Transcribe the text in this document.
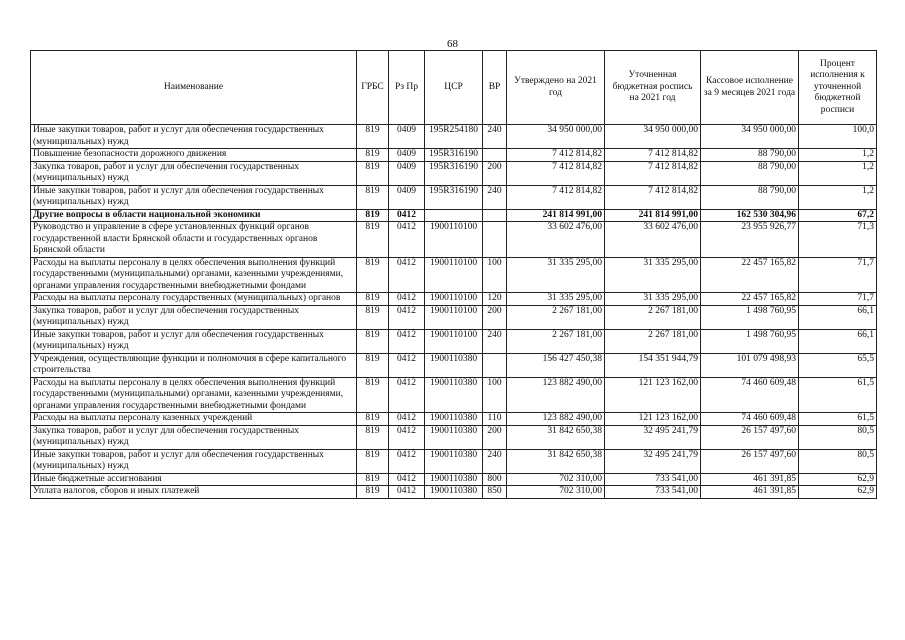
68
Наименование	ГРБС	Рз Пр	ЦСР	ВР	Утверждено на 2021 год	Уточненная бюджетная роспись на 2021 год	Кассовое исполнение за 9 месяцев 2021 года	Процент исполнения к уточненной бюджетной росписи
Иные закупки товаров, работ и услуг для обеспечения государственных (муниципальных) нужд	819	0409	195R254180	240	34 950 000,00	34 950 000,00	34 950 000,00	100,0
Повышение безопасности дорожного движения	819	0409	195R316190		7 412 814,82	7 412 814,82	88 790,00	1,2
Закупка товаров, работ и услуг для обеспечения государственных (муниципальных) нужд	819	0409	195R316190	200	7 412 814,82	7 412 814,82	88 790,00	1,2
Иные закупки товаров, работ и услуг для обеспечения государственных (муниципальных) нужд	819	0409	195R316190	240	7 412 814,82	7 412 814,82	88 790,00	1,2
Другие вопросы в области национальной экономики	819	0412			241 814 991,00	241 814 991,00	162 530 304,96	67,2
Руководство и управление в сфере установленных функций органов государственной власти Брянской области и государственных органов Брянской области	819	0412	1900110100		33 602 476,00	33 602 476,00	23 955 926,77	71,3
Расходы на выплаты персоналу в целях обеспечения выполнения функций государственными (муниципальными) органами, казенными учреждениями, органами управления государственными внебюджетными фондами	819	0412	1900110100	100	31 335 295,00	31 335 295,00	22 457 165,82	71,7
Расходы на выплаты персоналу государственных (муниципальных) органов	819	0412	1900110100	120	31 335 295,00	31 335 295,00	22 457 165,82	71,7
Закупка товаров, работ и услуг для обеспечения государственных (муниципальных) нужд	819	0412	1900110100	200	2 267 181,00	2 267 181,00	1 498 760,95	66,1
Иные закупки товаров, работ и услуг для обеспечения государственных (муниципальных) нужд	819	0412	1900110100	240	2 267 181,00	2 267 181,00	1 498 760,95	66,1
Учреждения, осуществляющие функции и полномочия в сфере капитального строительства	819	0412	1900110380		156 427 450,38	154 351 944,79	101 079 498,93	65,5
Расходы на выплаты персоналу в целях обеспечения выполнения функций государственными (муниципальными) органами, казенными учреждениями, органами управления государственными внебюджетными фондами	819	0412	1900110380	100	123 882 490,00	121 123 162,00	74 460 609,48	61,5
Расходы на выплаты персоналу казенных учреждений	819	0412	1900110380	110	123 882 490,00	121 123 162,00	74 460 609,48	61,5
Закупка товаров, работ и услуг для обеспечения государственных (муниципальных) нужд	819	0412	1900110380	200	31 842 650,38	32 495 241,79	26 157 497,60	80,5
Иные закупки товаров, работ и услуг для обеспечения государственных (муниципальных) нужд	819	0412	1900110380	240	31 842 650,38	32 495 241,79	26 157 497,60	80,5
Иные бюджетные ассигнования	819	0412	1900110380	800	702 310,00	733 541,00	461 391,85	62,9
Уплата налогов, сборов и иных платежей	819	0412	1900110380	850	702 310,00	733 541,00	461 391,85	62,9
